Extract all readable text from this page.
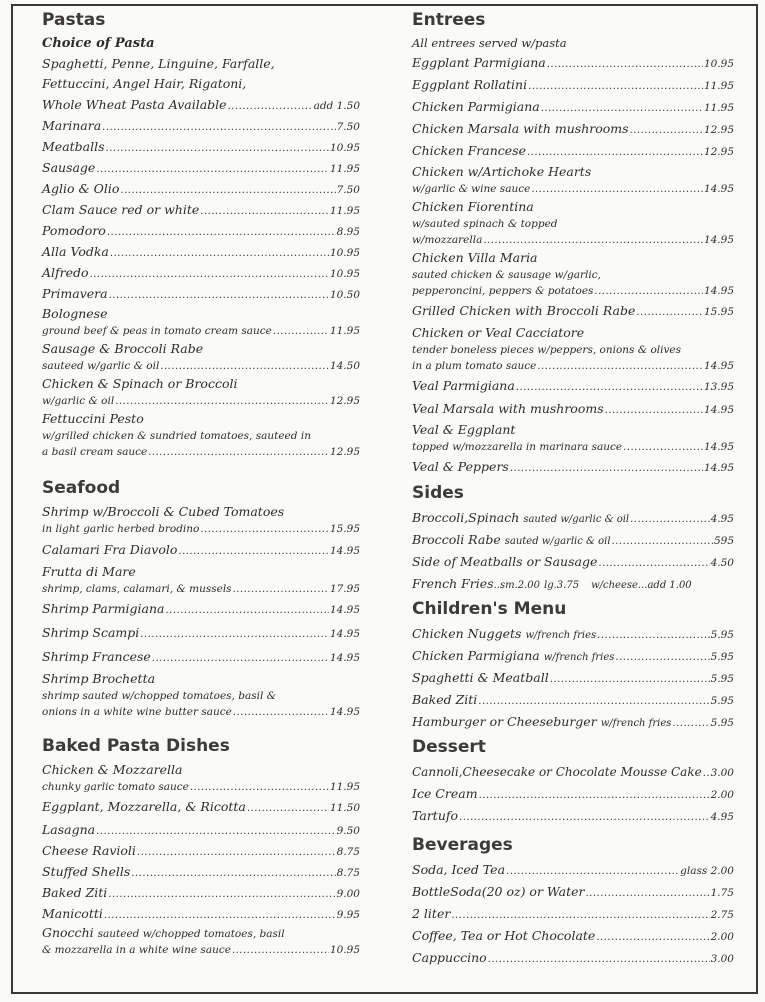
Pastas
Choice of Pasta
Spaghetti, Penne, Linguine, Farfalle,
Fettuccini, Angel Hair, Rigatoni,
Whole Wheat Pasta Available .....	add 1.50
Marinara .....	7.50
Meatballs .....	10.95
Sausage .....	11.95
Aglio & Olio .....	7.50
Clam Sauce red or white .....	11.95
Pomodoro .....	8.95
Alla Vodka .....	10.95
Alfredo .....	10.95
Primavera .....	10.50
Bolognese
ground beef & peas in tomato cream sauce .....	11.95
Sausage & Broccoli Rabe
sauteed w/garlic & oil .....	14.50
Chicken & Spinach or Broccoli
w/garlic & oil .....	12.95
Fettuccini Pesto
w/grilled chicken & sundried tomatoes, sauteed in
a basil cream sauce .....	12.95
Seafood
Shrimp w/Broccoli & Cubed Tomatoes
in light garlic herbed brodino .....	15.95
Calamari Fra Diavolo .....	14.95
Frutta di Mare
shrimp, clams, calamari, & mussels .....	17.95
Shrimp Parmigiana .....	14.95
Shrimp Scampi .....	14.95
Shrimp Francese .....	14.95
Shrimp Brochetta
shrimp sauted w/chopped tomatoes, basil &
onions in a white wine butter sauce .....	14.95
Baked Pasta Dishes
Chicken & Mozzarella
chunky garlic tomato sauce .....	11.95
Eggplant, Mozzarella, & Ricotta .....	11.50
Lasagna .....	9.50
Cheese Ravioli .....	8.75
Stuffed Shells .....	8.75
Baked Ziti .....	9.00
Manicotti .....	9.95
Gnocchi sauteed w/chopped tomatoes, basil
& mozzarella in a white wine sauce .....	10.95
Entrees
All entrees served w/pasta
Eggplant Parmigiana .....	10.95
Eggplant Rollatini .....	11.95
Chicken Parmigiana .....	11.95
Chicken Marsala with mushrooms .....	12.95
Chicken Francese .....	12.95
Chicken w/Artichoke Hearts
w/garlic & wine sauce .....	14.95
Chicken Fiorentina
w/sauted spinach & topped
w/mozzarella .....	14.95
Chicken Villa Maria
sauted chicken & sausage w/garlic,
pepperoncini, peppers & potatoes .....	14.95
Grilled Chicken with Broccoli Rabe .....	15.95
Chicken or Veal Cacciatore
tender boneless pieces w/peppers, onions & olives
in a plum tomato sauce .....	14.95
Veal Parmigiana .....	13.95
Veal Marsala with mushrooms .....	14.95
Veal & Eggplant
topped w/mozzarella in marinara sauce .....	14.95
Veal & Peppers .....	14.95
Sides
Broccoli,Spinach sauted w/garlic & oil .....	4.95
Broccoli Rabe sauted w/garlic & oil .....	595
Side of Meatballs or Sausage .....	4.50
French Fries ..sm.2.00 lg.3.75 w/cheese...add 1.00
Children's Menu
Chicken Nuggets w/french fries .....	5.95
Chicken Parmigiana w/french fries .....	5.95
Spaghetti & Meatball .....	5.95
Baked Ziti .....	5.95
Hamburger or Cheeseburger w/french fries .....	5.95
Dessert
Cannoli,Cheesecake or Chocolate Mousse Cake ..... 3.00
Ice Cream .....	2.00
Tartufo .....	4.95
Beverages
Soda, Iced Tea .....	glass 2.00
BottleSoda(20 oz) or Water .....	1.75
2 liter .....	2.75
Coffee, Tea or Hot Chocolate .....	2.00
Cappuccino .....	3.00
